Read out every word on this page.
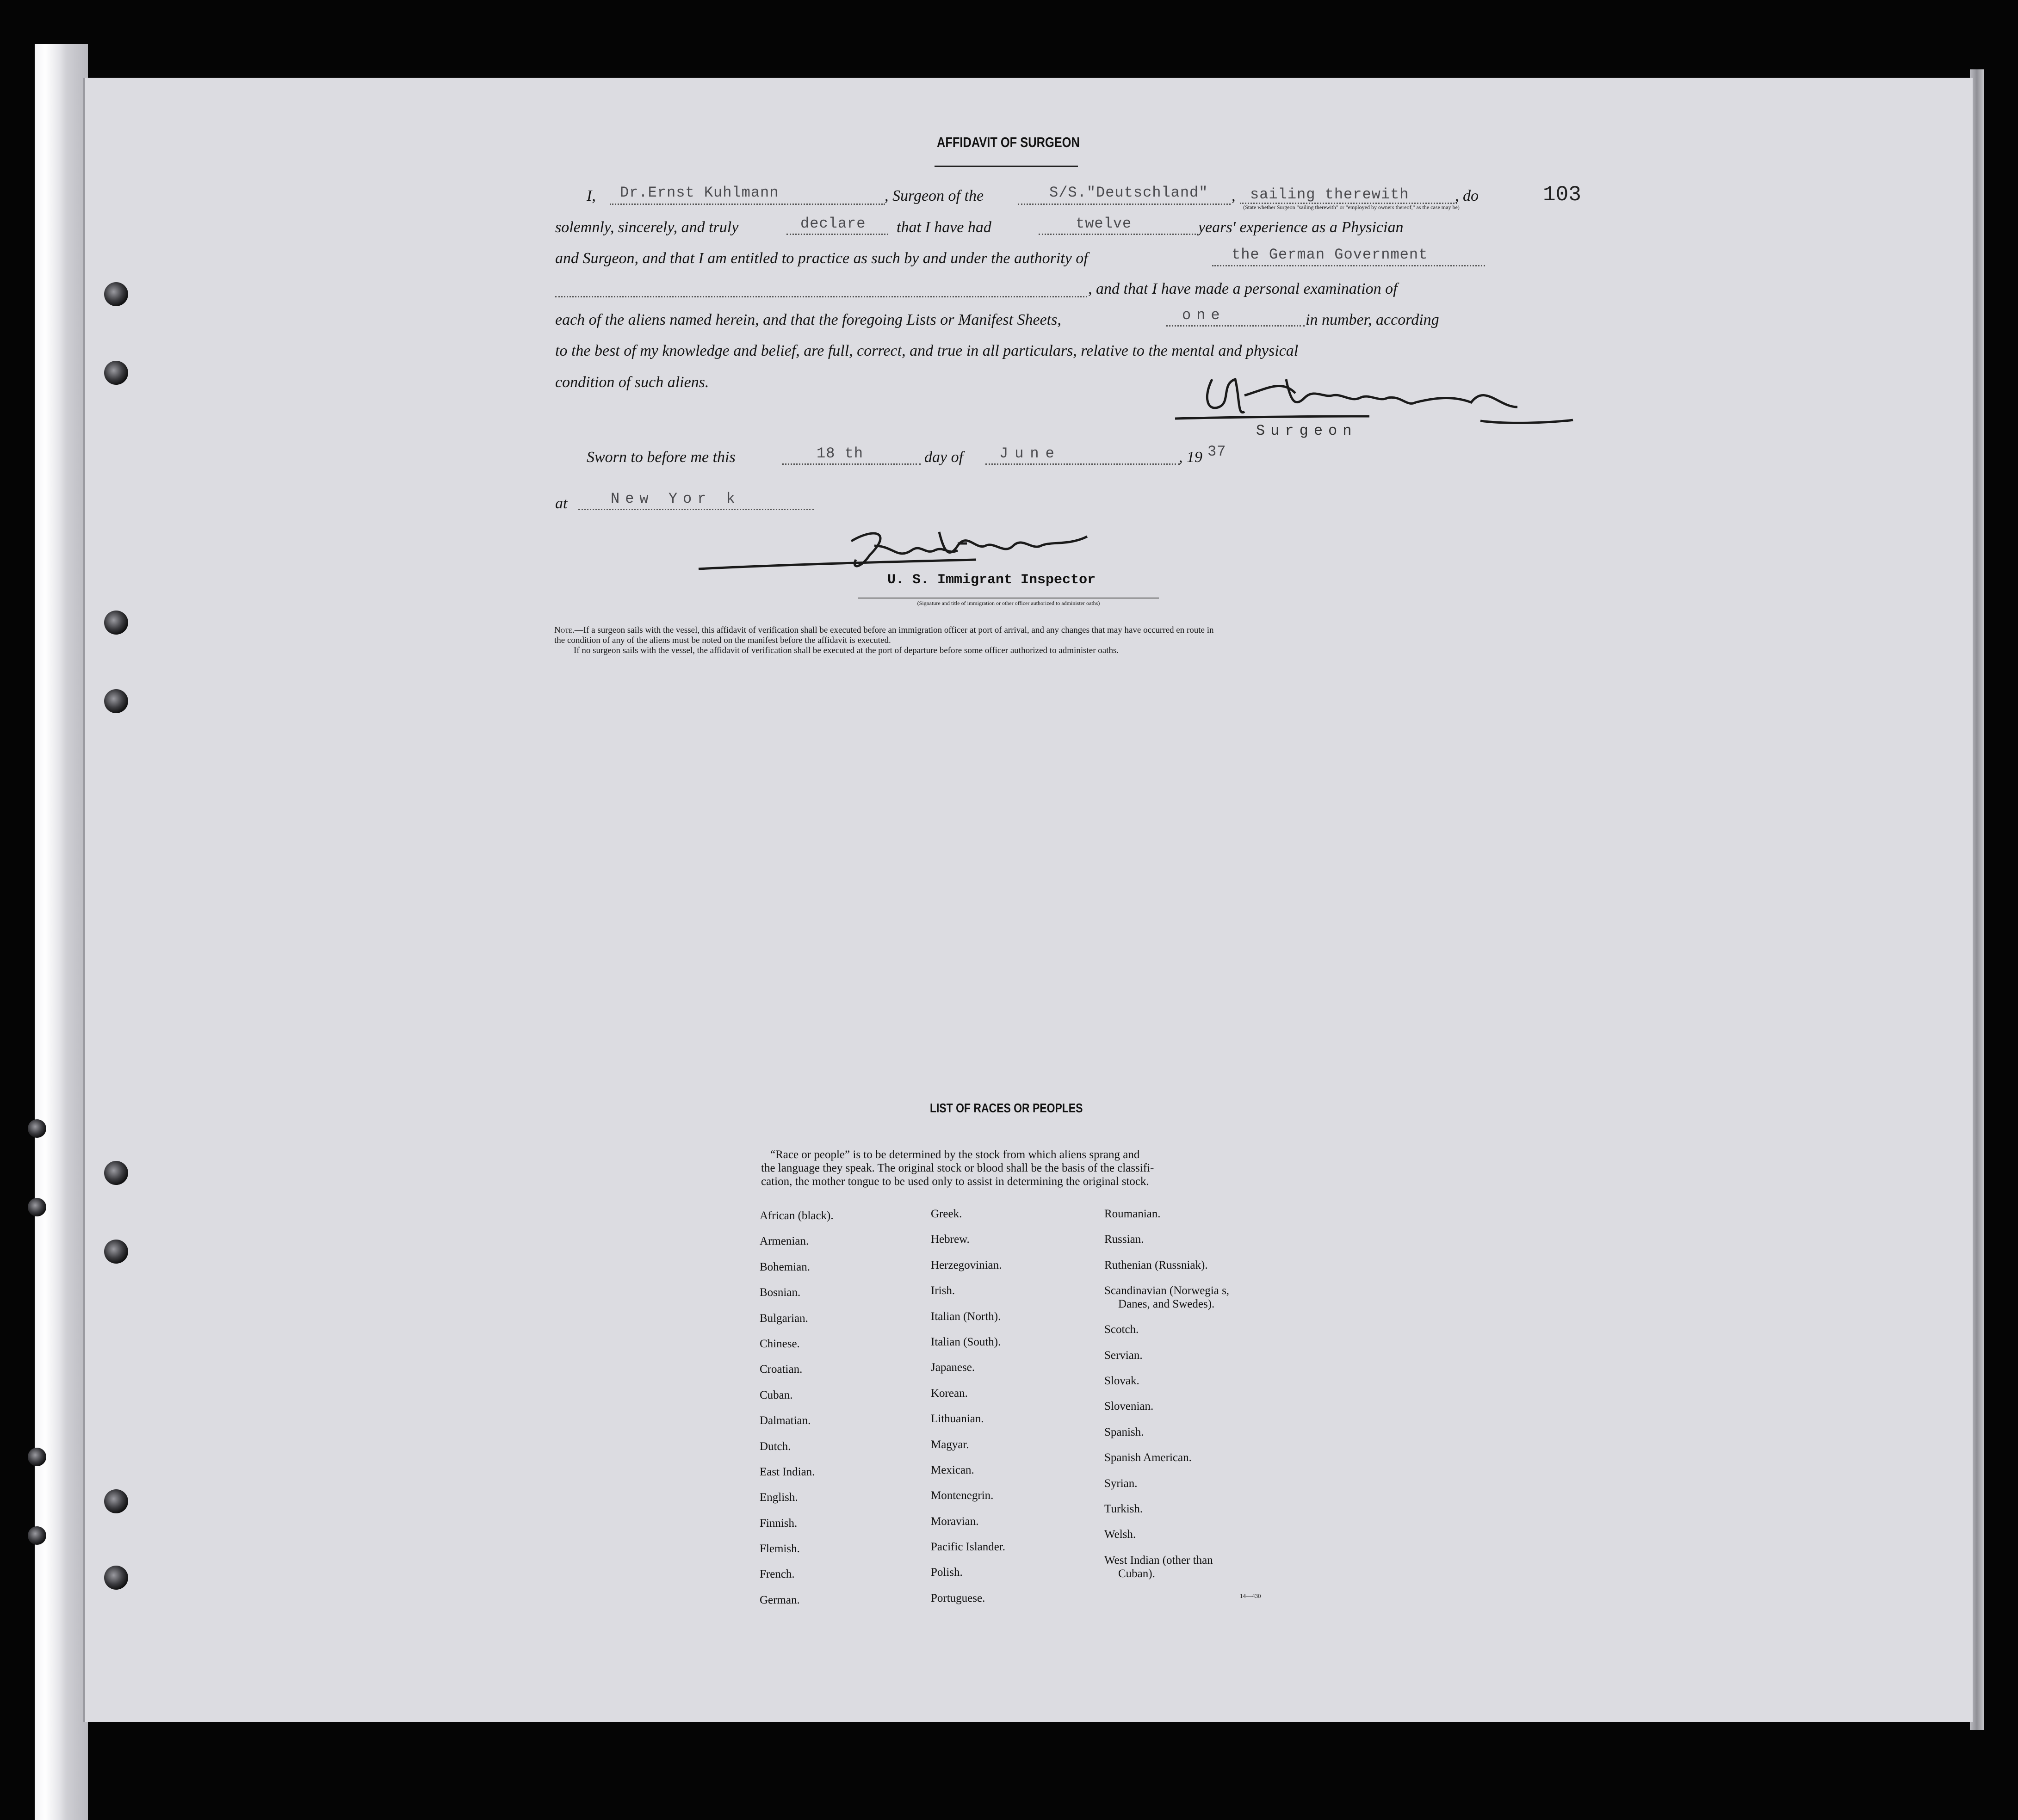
AFFIDAVIT OF SURGEON
103
I, Dr.Ernst Kuhlmann	, Surgeon of the	S/S."Deutschland" , sailing therewith	, do
(State whether Surgeon "sailing therewith" or "employed by owners thereof," as the case may be)
solemnly, sincerely, and truly	declare that I have had	twelve	years' experience as a Physician
and Surgeon, and that I am entitled to practice as such by and under the authority of	the German Government
, and that I have made a personal examination of
each of the aliens named herein, and that the foregoing Lists or Manifest Sheets,	one	in number, according
to the best of my knowledge and belief, are full, correct, and true in all particulars, relative to the mental and physical
condition of such aliens.
Surgeon
Sworn to before me this	18 th	day of June	, 19 37
at	New Yor k
U. S. Immigrant Inspector
(Signature and title of immigration or other officer authorized to administer oaths)
Note.—If a surgeon sails with the vessel, this affidavit of verification shall be executed before an immigration officer at port of arrival, and any changes that may have occurred en route in
the condition of any of the aliens must be noted on the manifest before the affidavit is executed.
If no surgeon sails with the vessel, the affidavit of verification shall be executed at the port of departure before some officer authorized to administer oaths.
LIST OF RACES OR PEOPLES
“Race or people” is to be determined by the stock from which aliens sprang and
the language they speak. The original stock or blood shall be the basis of the classifi-
cation, the mother tongue to be used only to assist in determining the original stock.
African (black).
Armenian.
Bohemian.
Bosnian.
Bulgarian.
Chinese.
Croatian.
Cuban.
Dalmatian.
Dutch.
East Indian.
English.
Finnish.
Flemish.
French.
German.
Greek.
Hebrew.
Herzegovinian.
Irish.
Italian (North).
Italian (South).
Japanese.
Korean.
Lithuanian.
Magyar.
Mexican.
Montenegrin.
Moravian.
Pacific Islander.
Polish.
Portuguese.
Roumanian.
Russian.
Ruthenian (Russniak).
Scandinavian (Norwegia s,
Danes, and Swedes).
Scotch.
Servian.
Slovak.
Slovenian.
Spanish.
Spanish American.
Syrian.
Turkish.
Welsh.
West Indian (other than
Cuban).
14—430
